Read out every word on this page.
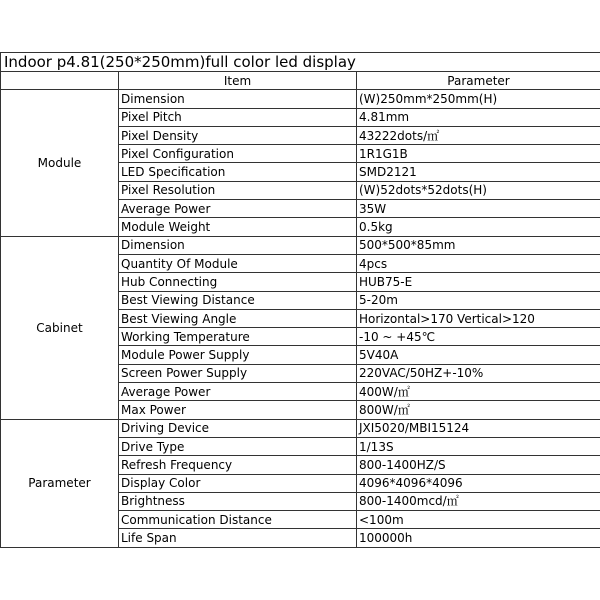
Indoor p4.81(250*250mm)full color led display		
	Item	Parameter
Module	Dimension	(W)250mm*250mm(H)
	Pixel Pitch	4.81mm
	Pixel Density	43222dots/㎡
	Pixel Configuration	1R1G1B
	LED Specification	SMD2121
	Pixel Resolution	(W)52dots*52dots(H)
	Average Power	35W
	Module Weight	0.5kg
Cabinet	Dimension	500*500*85mm
	Quantity Of Module	4pcs
	Hub Connecting	HUB75-E
	Best Viewing Distance	5-20m
	Best Viewing Angle	Horizontal>170 Vertical>120
	Working Temperature	-10 ~ +45℃
	Module Power Supply	5V40A
	Screen Power Supply	220VAC/50HZ+-10%
	Average Power	400W/㎡
	Max Power	800W/㎡
Parameter	Driving Device	JXI5020/MBI15124
	Drive Type	1/13S
	Refresh Frequency	800-1400HZ/S
	Display Color	4096*4096*4096
	Brightness	800-1400mcd/㎡
	Communication Distance	<100m
	Life Span	100000h
